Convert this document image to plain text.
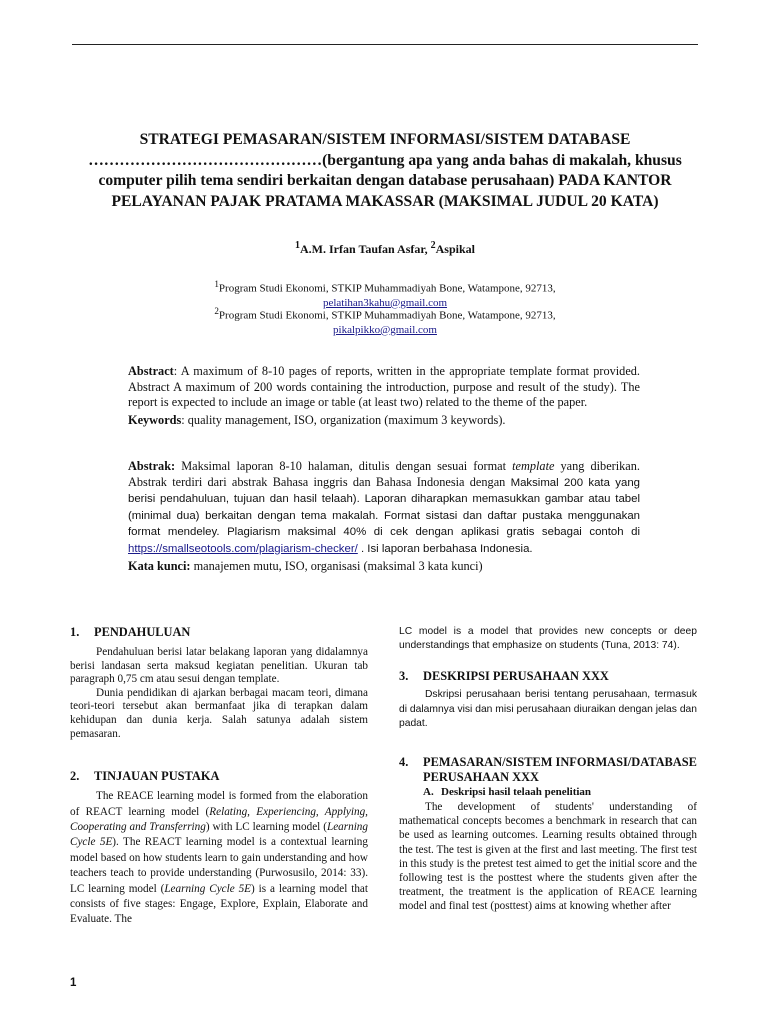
STRATEGI PEMASARAN/SISTEM INFORMASI/SISTEM DATABASE ………………………………………(bergantung apa yang anda bahas di makalah, khusus computer pilih tema sendiri berkaitan dengan database perusahaan) PADA KANTOR PELAYANAN PAJAK PRATAMA MAKASSAR (MAKSIMAL JUDUL 20 KATA)
$^1$A.M. Irfan Taufan Asfar, $^2$Aspikal
$^1$Program Studi Ekonomi, STKIP Muhammadiyah Bone, Watampone, 92713,
pelatihan3kahu@gmail.com
$^2$Program Studi Ekonomi, STKIP Muhammadiyah Bone, Watampone, 92713,
pikalpikko@gmail.com
Abstract: A maximum of 8-10 pages of reports, written in the appropriate template format provided. Abstract A maximum of 200 words containing the introduction, purpose and result of the study). The report is expected to include an image or table (at least two) related to the theme of the paper.
Keywords: quality management, ISO, organization (maximum 3 keywords).
Abstrak: Maksimal laporan 8-10 halaman, ditulis dengan sesuai format template yang diberikan. Abstrak terdiri dari abstrak Bahasa inggris dan Bahasa Indonesia dengan Maksimal 200 kata yang berisi pendahuluan, tujuan dan hasil telaah). Laporan diharapkan memasukkan gambar atau tabel (minimal dua) berkaitan dengan tema makalah. Format sistasi dan daftar pustaka menggunakan format mendeley. Plagiarism maksimal 40% di cek dengan aplikasi gratis sebagai contoh di https://smallseotools.com/plagiarism-checker/ . Isi laporan berbahasa Indonesia.
Kata kunci: manajemen mutu, ISO, organisasi (maksimal 3 kata kunci)

1. PENDAHULUAN

Pendahuluan berisi latar belakang laporan yang didalamnya berisi landasan serta maksud kegiatan penelitian. Ukuran tab paragraph 0,75 cm atau sesui dengan template.

Dunia pendidikan di ajarkan berbagai macam teori, dimana teori-teori tersebut akan bermanfaat jika di terapkan dalam kehidupan dan dunia kerja. Salah satunya adalah sistem pemasaran.

2. TINJAUAN PUSTAKA

The REACE learning model is formed from the elaboration of REACT learning model (Relating, Experiencing, Applying, Cooperating and Transferring) with LC learning model (Learning Cycle 5E). The REACT learning model is a contextual learning model based on how students learn to gain understanding and how teachers teach to provide understanding (Purwosusilo, 2014: 33). LC learning model (Learning Cycle 5E) is a learning model that consists of five stages: Engage, Explore, Explain, Elaborate and Evaluate. The

LC model is a model that provides new concepts or deep understandings that emphasize on students (Tuna, 2013: 74).

3. DESKRIPSI PERUSAHAAN XXX

Dskripsi perusahaan berisi tentang perusahaan, termasuk di dalamnya visi dan misi perusahaan diuraikan dengan jelas dan padat.

4.	PEMASARAN/SISTEM INFORMASI/DATABASE PERUSAHAAN XXX

A. Deskripsi hasil telaah penelitian

The development of students' understanding of mathematical concepts becomes a benchmark in research that can be used as learning outcomes. Learning results obtained through the test. The test is given at the first and last meeting. The first test in this study is the pretest test aimed to get the initial score and the following test is the posttest where the students given after the treatment, the treatment is the application of REACE learning model and final test (posttest) aims at knowing whether after

1
